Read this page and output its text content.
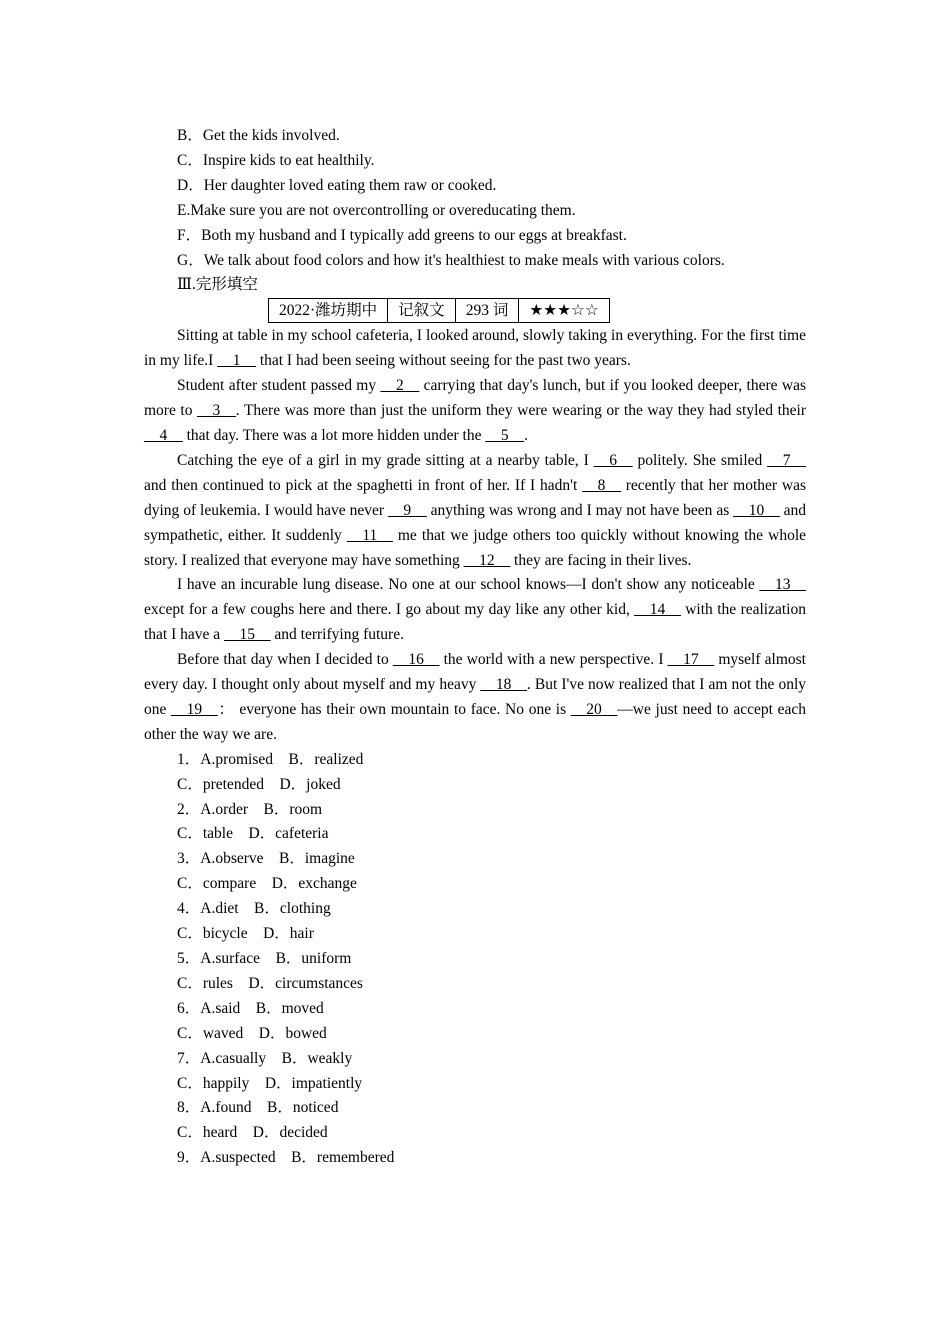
B．Get the kids involved.
C．Inspire kids to eat healthily.
D．Her daughter loved eating them raw or cooked.
E.Make sure you are not overcontrolling or overeducating them.
F．Both my husband and I typically add greens to our eggs at breakfast.
G．We talk about food colors and how it's healthiest to make meals with various colors.
Ⅲ.完形填空
2022·潍坊期中	记叙文	293 词	★★★☆☆
Sitting at table in my school cafeteria, I looked around, slowly taking in everything. For the first time in my life.I __1__ that I had been seeing without seeing for the past two years.
Student after student passed my __2__ carrying that day's lunch, but if you looked deeper, there was more to __3__. There was more than just the uniform they were wearing or the way they had styled their __4__ that day. There was a lot more hidden under the __5__.
Catching the eye of a girl in my grade sitting at a nearby table, I __6__ politely. She smiled __7__ and then continued to pick at the spaghetti in front of her. If I hadn't __8__ recently that her mother was dying of leukemia. I would have never __9__ anything was wrong and I may not have been as __10__ and sympathetic, either. It suddenly __11__ me that we judge others too quickly without knowing the whole story. I realized that everyone may have something __12__ they are facing in their lives.
I have an incurable lung disease. No one at our school knows—I don't show any noticeable __13__ except for a few coughs here and there. I go about my day like any other kid, __14__ with the realization that I have a __15__ and terrifying future.
Before that day when I decided to __16__ the world with a new perspective. I __17__ myself almost every day. I thought only about myself and my heavy __18__. But I've now realized that I am not the only one __19__： everyone has their own mountain to face. No one is __20__—we just need to accept each other the way we are.
1．A.promised　B．realized
C．pretended　D．joked
2．A.order　B．room
C．table　D．cafeteria
3．A.observe　B．imagine
C．compare　D．exchange
4．A.diet　B．clothing
C．bicycle　D．hair
5．A.surface　B．uniform
C．rules　D．circumstances
6．A.said　B．moved
C．waved　D．bowed
7．A.casually　B．weakly
C．happily　D．impatiently
8．A.found　B．noticed
C．heard　D．decided
9．A.suspected　B．remembered
